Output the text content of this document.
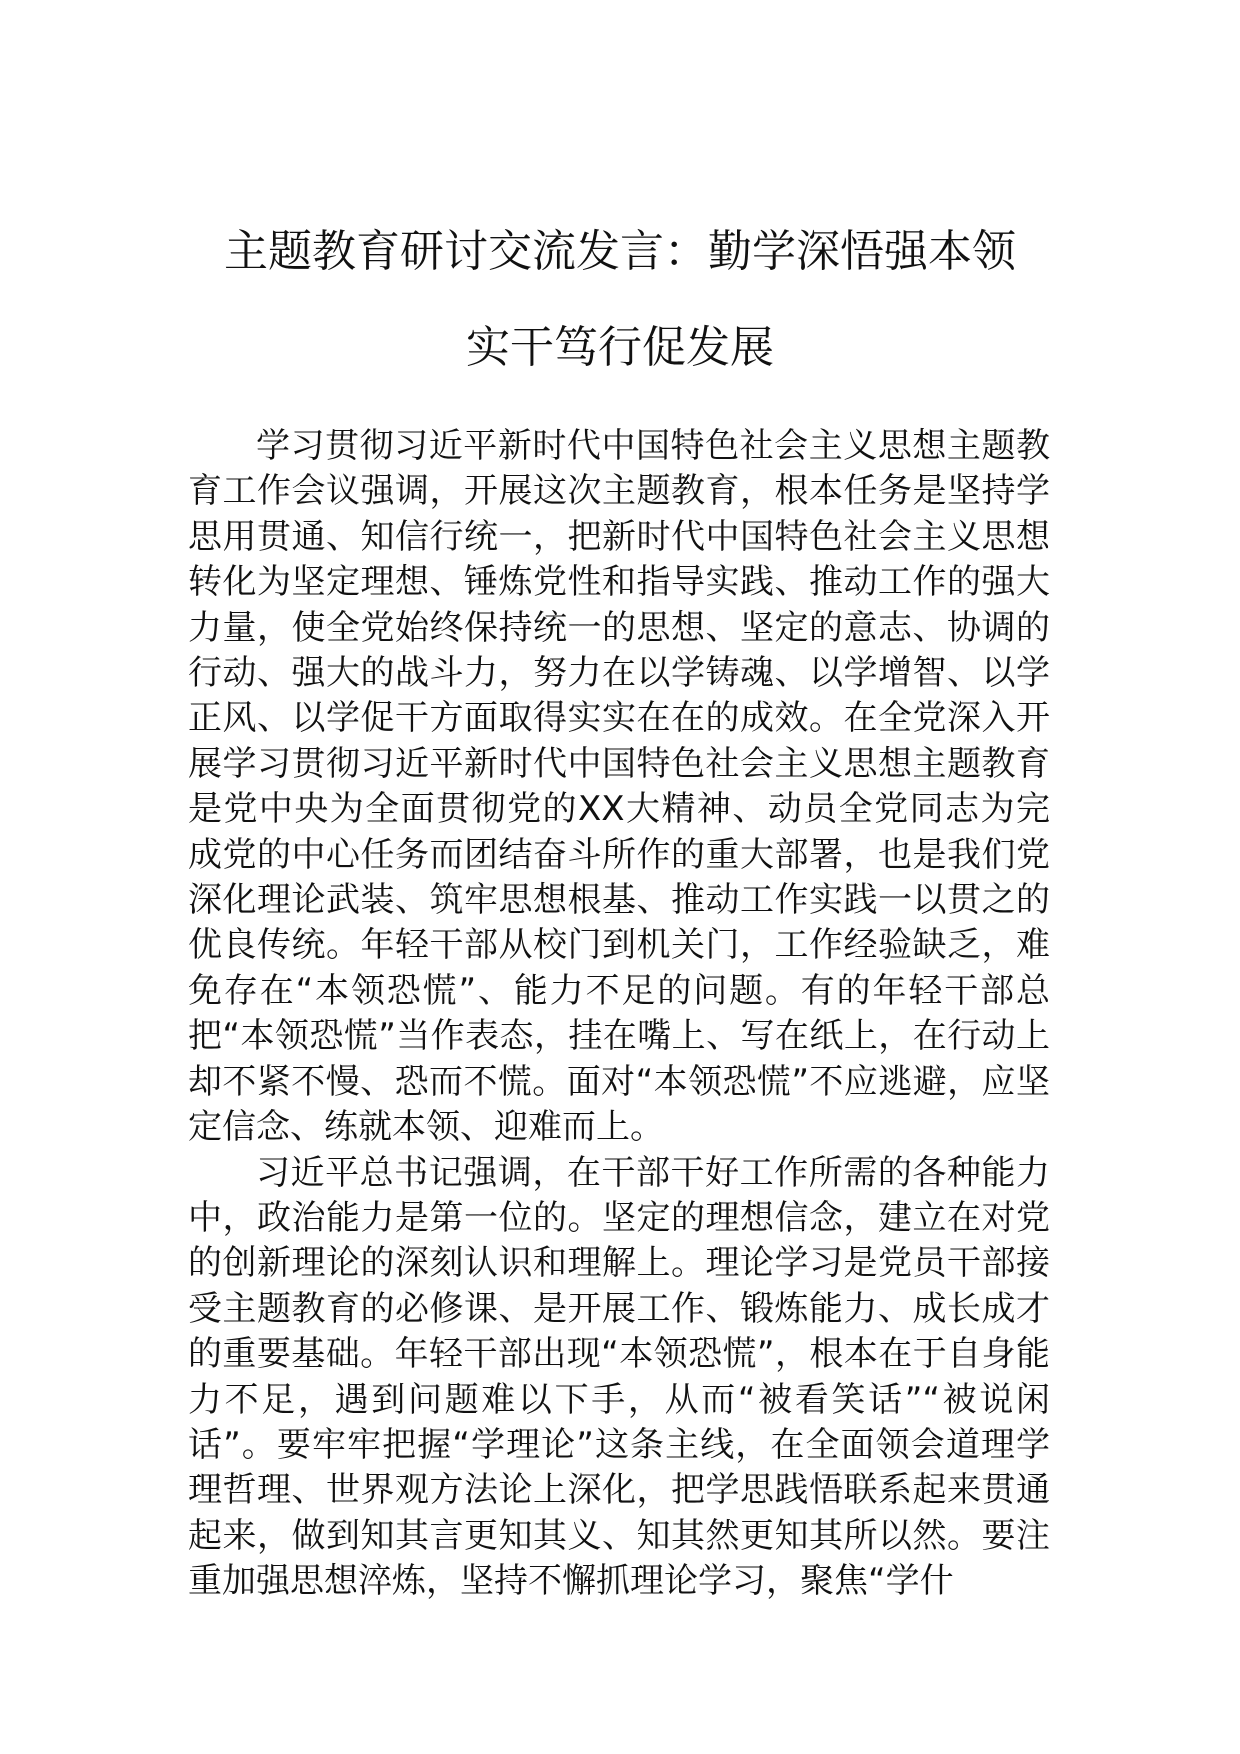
主题教育研讨交流发言：勤学深悟强本领
实干笃行促发展

学习贯彻习近平新时代中国特色社会主义思想主题教育工作会议强调，开展这次主题教育，根本任务是坚持学思用贯通、知信行统一，把新时代中国特色社会主义思想转化为坚定理想、锤炼党性和指导实践、推动工作的强大力量，使全党始终保持统一的思想、坚定的意志、协调的行动、强大的战斗力，努力在以学铸魂、以学增智、以学正风、以学促干方面取得实实在在的成效。在全党深入开展学习贯彻习近平新时代中国特色社会主义思想主题教育是党中央为全面贯彻党的XX大精神、动员全党同志为完成党的中心任务而团结奋斗所作的重大部署，也是我们党深化理论武装、筑牢思想根基、推动工作实践一以贯之的优良传统。年轻干部从校门到机关门，工作经验缺乏，难免存在“本领恐慌”、能力不足的问题。有的年轻干部总把“本领恐慌”当作表态，挂在嘴上、写在纸上，在行动上却不紧不慢、恐而不慌。面对“本领恐慌”不应逃避，应坚定信念、练就本领、迎难而上。

习近平总书记强调，在干部干好工作所需的各种能力中，政治能力是第一位的。坚定的理想信念，建立在对党的创新理论的深刻认识和理解上。理论学习是党员干部接受主题教育的必修课、是开展工作、锻炼能力、成长成才的重要基础。年轻干部出现“本领恐慌”，根本在于自身能力不足，遇到问题难以下手，从而“被看笑话”“被说闲话”。要牢牢把握“学理论”这条主线，在全面领会道理学理哲理、世界观方法论上深化，把学思践悟联系起来贯通起来，做到知其言更知其义、知其然更知其所以然。要注重加强思想淬炼，坚持不懈抓理论学习，聚焦“学什
